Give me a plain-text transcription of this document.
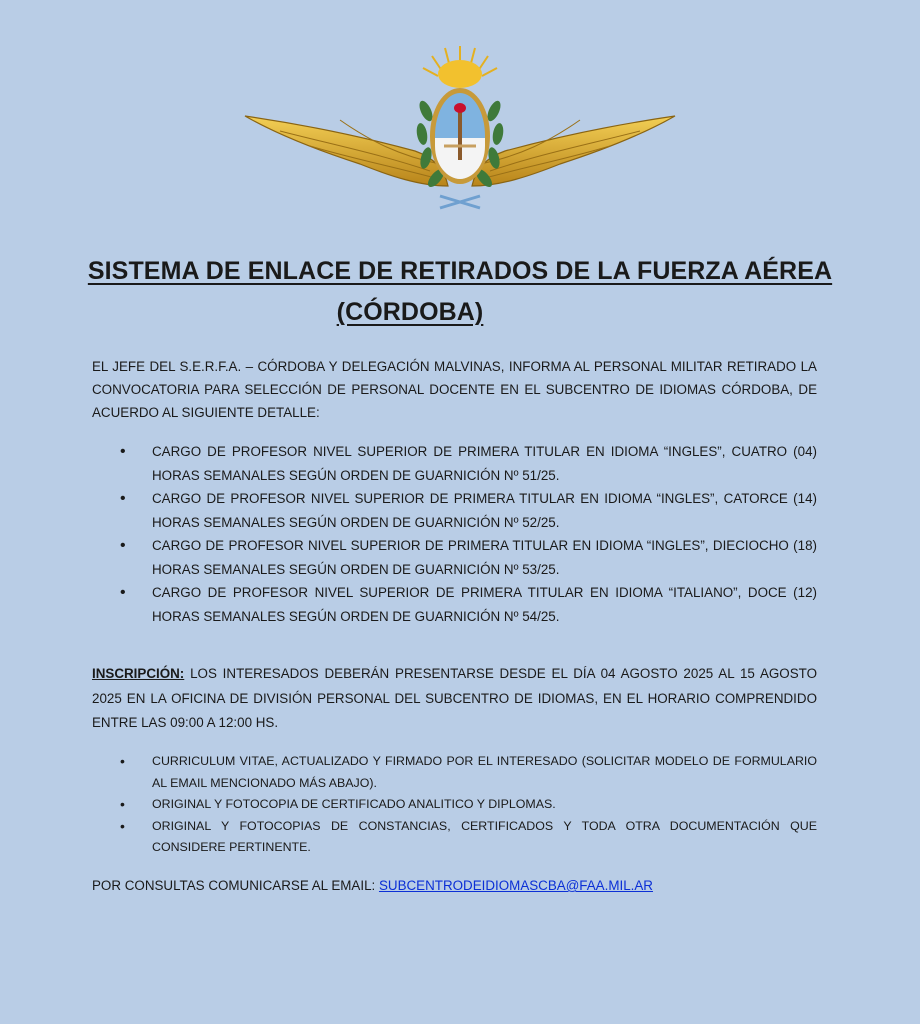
SISTEMA DE ENLACE DE RETIRADOS DE LA FUERZA AÉREA
(CÓRDOBA)

EL JEFE DEL S.E.R.F.A. – CÓRDOBA Y DELEGACIÓN MALVINAS, INFORMA AL PERSONAL MILITAR RETIRADO LA CONVOCATORIA PARA SELECCIÓN DE PERSONAL DOCENTE EN EL SUBCENTRO DE IDIOMAS CÓRDOBA, DE ACUERDO AL SIGUIENTE DETALLE:

• CARGO DE PROFESOR NIVEL SUPERIOR DE PRIMERA TITULAR EN IDIOMA “INGLES”, CUATRO (04) HORAS SEMANALES SEGÚN ORDEN DE GUARNICIÓN Nº 51/25.
• CARGO DE PROFESOR NIVEL SUPERIOR DE PRIMERA TITULAR EN IDIOMA “INGLES”, CATORCE (14) HORAS SEMANALES SEGÚN ORDEN DE GUARNICIÓN Nº 52/25.
• CARGO DE PROFESOR NIVEL SUPERIOR DE PRIMERA TITULAR EN IDIOMA “INGLES”, DIECIOCHO (18) HORAS SEMANALES SEGÚN ORDEN DE GUARNICIÓN Nº 53/25.
• CARGO DE PROFESOR NIVEL SUPERIOR DE PRIMERA TITULAR EN IDIOMA “ITALIANO”, DOCE (12) HORAS SEMANALES SEGÚN ORDEN DE GUARNICIÓN Nº 54/25.

INSCRIPCIÓN: LOS INTERESADOS DEBERÁN PRESENTARSE DESDE EL DÍA 04 AGOSTO 2025 AL 15 AGOSTO 2025 EN LA OFICINA DE DIVISIÓN PERSONAL DEL SUBCENTRO DE IDIOMAS, EN EL HORARIO COMPRENDIDO ENTRE LAS 09:00 A 12:00 HS.

• CURRICULUM VITAE, ACTUALIZADO Y FIRMADO POR EL INTERESADO (SOLICITAR MODELO DE FORMULARIO AL EMAIL MENCIONADO MÁS ABAJO).
• ORIGINAL Y FOTOCOPIA DE CERTIFICADO ANALITICO Y DIPLOMAS.
• ORIGINAL Y FOTOCOPIAS DE CONSTANCIAS, CERTIFICADOS Y TODA OTRA DOCUMENTACIÓN QUE CONSIDERE PERTINENTE.

POR CONSULTAS COMUNICARSE AL EMAIL: SUBCENTRODEIDIOMASCBA@FAA.MIL.AR
